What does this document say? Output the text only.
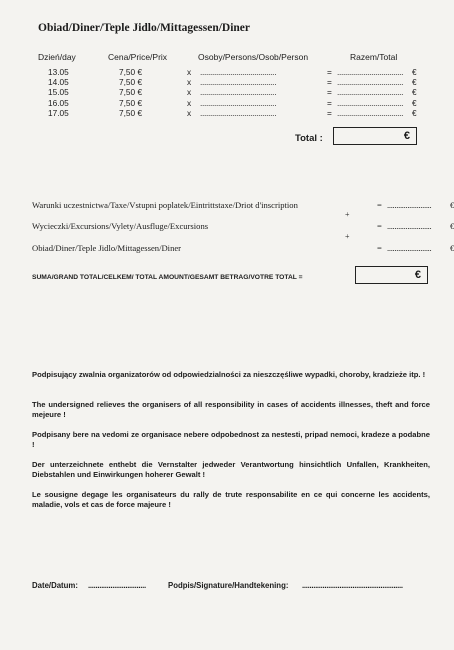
Obiad/Diner/Teple Jidlo/Mittagessen/Diner
Dzień/day	Cena/Price/Prix	Osoby/Persons/Osob/Person	Razem/Total
13.05	7,50 €	x ......................................	= ................................. €
14.05	7,50 €	x ......................................	= ................................. €
15.05	7,50 €	x ......................................	= ................................. €
16.05	7,50 €	x ......................................	= ................................. €
17.05	7,50 €	x ......................................	= ................................. €
Total :	€
Warunki uczestnictwa/Taxe/Vstupni poplatek/Eintrittstaxe/Driot d'inscription	= ........................ €
+
Wycieczki/Excursions/Vylety/Ausfluge/Excursions	= ........................ €
+
Obiad/Diner/Teple Jidlo/Mittagessen/Diner	= ........................ €
SUMA/GRAND TOTAL/CELKEM/ TOTAL AMOUNT/GESAMT BETRAG/VOTRE TOTAL =	€
Podpisujący zwalnia organizatorów od odpowiedzialności za nieszczęśliwe wypadki, choroby, kradzieże itp. !
The undersigned relieves the organisers of all responsibility in cases of accidents illnesses, theft and force mejeure !
Podpisany bere na vedomi ze organisace nebere odpobednost za nestesti, pripad nemoci, kradeze a podabne !
Der unterzeichnete enthebt die Vernstalter jedweder Verantwortung hinsichtlich Unfallen, Krankheiten, Diebstahlen und Einwirkungen hoherer Gewalt !
Le sousigne degage les organisateurs du rally de trute responsabilite en ce qui concerne les accidents, maladie, vols et cas de force majeure !
Date/Datum: ...............................	Podpis/Signature/Handtekening: ......................................................
